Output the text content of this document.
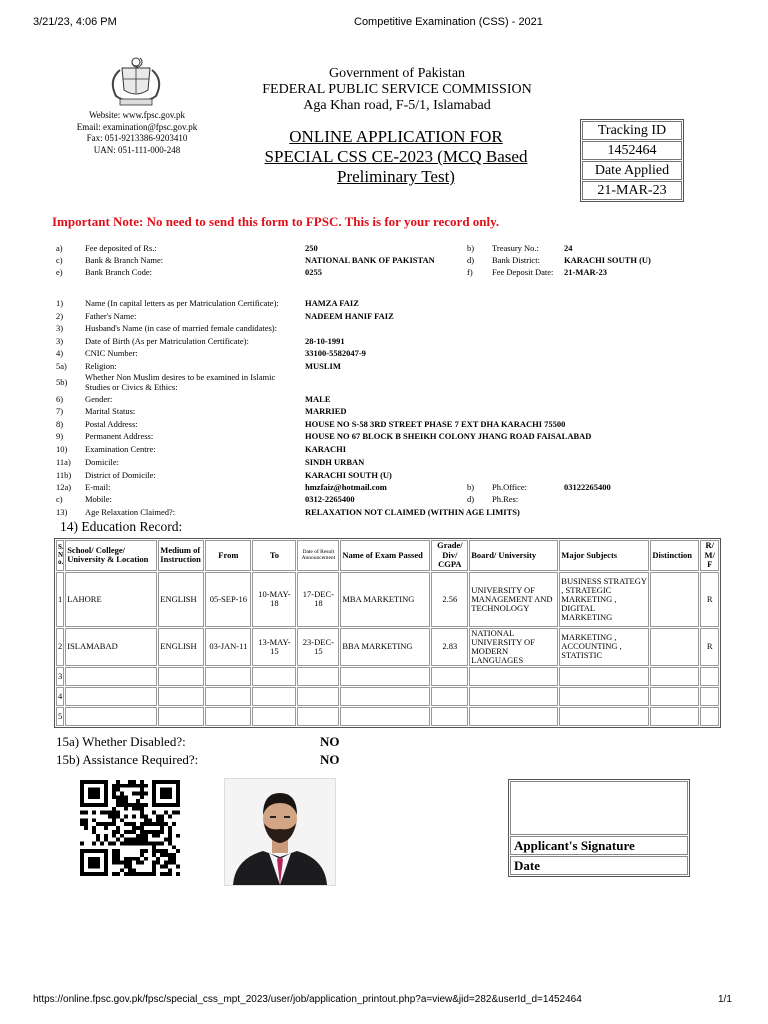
3/21/23, 4:06 PM	Competitive Examination (CSS) - 2021
https://online.fpsc.gov.pk/fpsc/special_css_mpt_2023/user/job/application_printout.php?a=view&jid=282&userId_d=1452464	1/1
Website: www.fpsc.gov.pk
Email: examination@fpsc.gov.pk
Fax: 051-9213386-9203410
UAN: 051-111-000-248
Government of Pakistan
FEDERAL PUBLIC SERVICE COMMISSION
Aga Khan road, F-5/1, Islamabad
ONLINE APPLICATION FOR
SPECIAL CSS CE-2023 (MCQ Based
Preliminary Test)
Tracking ID
1452464
Date Applied
21-MAR-23
Important Note: No need to send this form to FPSC. This is for your record only.
a)	Fee deposited of Rs.:	250	b) Treasury No.:	24
c)	Bank & Branch Name:	NATIONAL BANK OF PAKISTAN	d) Bank District:	KARACHI SOUTH (U)
e)	Bank Branch Code:	0255	f) Fee Deposit Date: 21-MAR-23
1)	Name (In capital letters as per Matriculation Certificate):	HAMZA FAIZ
2)	Father's Name:	NADEEM HANIF FAIZ
3)	Husband's Name (in case of married female candidates):
3)	Date of Birth (As per Matriculation Certificate):	28-10-1991
4)	CNIC Number:	33100-5582047-9
5a) Religion:	MUSLIM
5b) Whether Non Muslim desires to be examined in Islamic Studies or Civics & Ethics:
6)	Gender:	MALE
7)	Marital Status:	MARRIED
8)	Postal Address:	HOUSE NO S-58 3RD STREET PHASE 7 EXT DHA KARACHI 75500
9)	Permanent Address:	HOUSE NO 67 BLOCK B SHEIKH COLONY JHANG ROAD FAISALABAD
10) Examination Centre:	KARACHI
11a) Domicile:	SINDH URBAN
11b) District of Domicile:	KARACHI SOUTH (U)
12a) E-mail:	hmzfaiz@hotmail.com	b) Ph.Office:	03122265400
c)	Mobile:	0312-2265400	d) Ph.Res:
13) Age Relaxation Claimed?:	RELAXATION NOT CLAIMED (WITHIN AGE LIMITS)
14) Education Record:
S. N o.	School/ College/ University & Location	Medium of Instruction	From	To	Date of Result Announcement	Name of Exam Passed	Grade/ Div/ CGPA	Board/ University	Major Subjects	Distinction	R/ M/ F
1	LAHORE	ENGLISH	05-SEP-16	10-MAY-18	17-DEC-18	MBA MARKETING	2.56	UNIVERSITY OF MANAGEMENT AND TECHNOLOGY	BUSINESS STRATEGY , STRATEGIC MARKETING , DIGITAL MARKETING		R
2	ISLAMABAD	ENGLISH	03-JAN-11	13-MAY-15	23-DEC-15	BBA MARKETING	2.83	NATIONAL UNIVERSITY OF MODERN LANGUAGES	MARKETING , ACCOUNTING , STATISTIC		R
3											
4											
5											
15a) Whether Disabled?:	NO
15b) Assistance Required?:	NO

Applicant's Signature
Date
